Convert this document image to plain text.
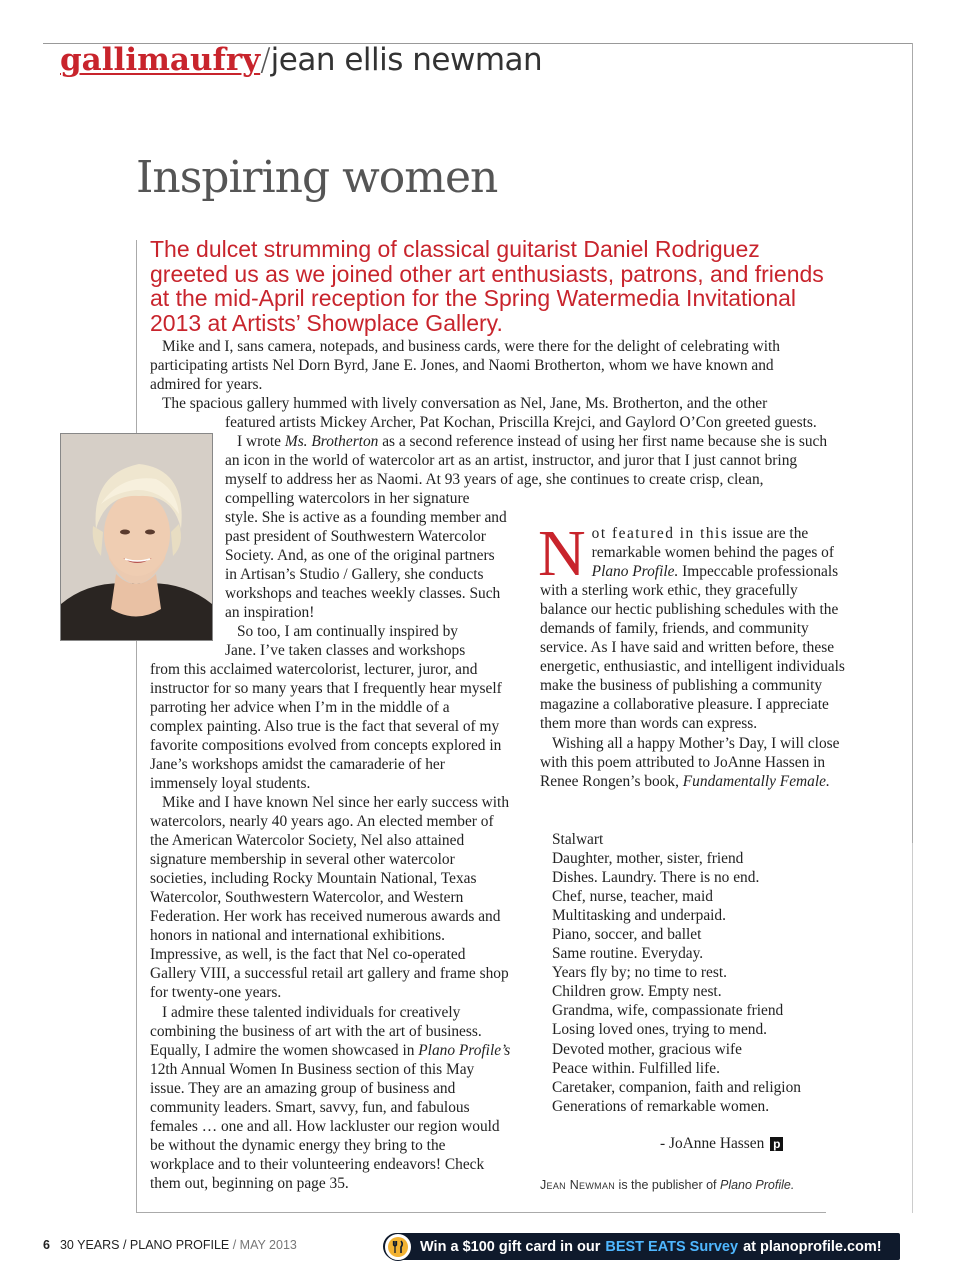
gallimaufry/jean ellis newman
Inspiring women
The dulcet strumming of classical guitarist Daniel Rodriguez greeted us as we joined other art enthusiasts, patrons, and friends at the mid-April reception for the Spring Watermedia Invitational 2013 at Artists’ Showplace Gallery.

Mike and I, sans camera, notepads, and business cards, were there for the delight of celebrating with participating artists Nel Dorn Byrd, Jane E. Jones, and Naomi Brotherton, whom we have known and admired for years.

The spacious gallery hummed with lively conversation as Nel, Jane, Ms. Brotherton, and the other

featured artists Mickey Archer, Pat Kochan, Priscilla Krejci, and Gaylord O’Con greeted guests.

I wrote Ms. Brotherton as a second reference instead of using her first name because she is such an icon in the world of watercolor art as an artist, instructor, and juror that I just cannot bring myself to address her as Naomi. At 93 years of age, she continues to create crisp, clean, compelling watercolors in her signature

style. She is active as a founding member and past president of Southwestern Watercolor Society. And, as one of the original partners in Artisan’s Studio / Gallery, she conducts workshops and teaches weekly classes. Such an inspiration!

So too, I am continually inspired by Jane. I’ve taken classes and workshops

from this acclaimed watercolorist, lecturer, juror, and instructor for so many years that I frequently hear myself parroting her advice when I’m in the middle of a complex painting. Also true is the fact that several of my favorite compositions evolved from concepts explored in Jane’s workshops amidst the camaraderie of her immensely loyal students.

Mike and I have known Nel since her early success with watercolors, nearly 40 years ago. An elected member of the American Watercolor Society, Nel also attained signature membership in several other watercolor societies, including Rocky Mountain National, Texas Watercolor, Southwestern Watercolor, and Western Federation. Her work has received numerous awards and honors in national and international exhibitions. Impressive, as well, is the fact that Nel co-operated Gallery VIII, a successful retail art gallery and frame shop for twenty-one years.

I admire these talented individuals for creatively combining the business of art with the art of business. Equally, I admire the women showcased in Plano Profile’s 12th Annual Women In Business section of this May issue. They are an amazing group of business and community leaders. Smart, savvy, fun, and fabulous females … one and all. How lackluster our region would be without the dynamic energy they bring to the workplace and to their volunteering endeavors! Check them out, beginning on page 35.

Not featured in this issue are the remarkable women behind the pages of Plano Profile. Impeccable professionals with a sterling work ethic, they gracefully balance our hectic publishing schedules with the demands of family, friends, and community service. As I have said and written before, these energetic, enthusiastic, and intelligent individuals make the business of publishing a community magazine a collaborative pleasure. I appreciate them more than words can express.

Wishing all a happy Mother’s Day, I will close with this poem attributed to JoAnne Hassen in Renee Rongen’s book, Fundamentally Female.

Stalwart
Daughter, mother, sister, friend
Dishes. Laundry. There is no end.
Chef, nurse, teacher, maid
Multitasking and underpaid.
Piano, soccer, and ballet
Same routine. Everyday.
Years fly by; no time to rest.
Children grow. Empty nest.
Grandma, wife, compassionate friend
Losing loved ones, trying to mend.
Devoted mother, gracious wife
Peace within. Fulfilled life.
Caretaker, companion, faith and religion
Generations of remarkable women.
- JoAnne Hassen p
Jean Newman is the publisher of Plano Profile.
6 30 YEARS / PLANO PROFILE / MAY 2013	Win a $100 gift card in our BEST EATS Survey at planoprofile.com!
